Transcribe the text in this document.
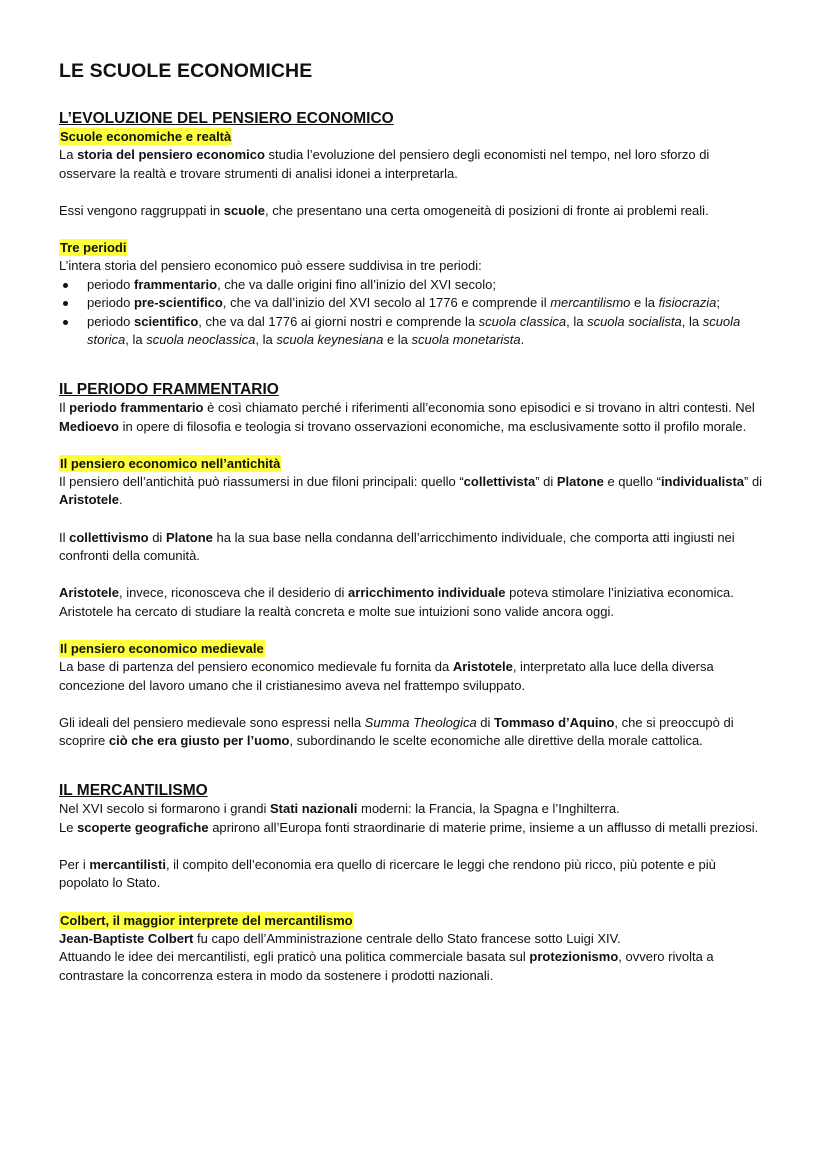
LE SCUOLE ECONOMICHE
L’EVOLUZIONE DEL PENSIERO ECONOMICO
Scuole economiche e realtà

La storia del pensiero economico studia l’evoluzione del pensiero degli economisti nel tempo, nel loro sforzo di osservare la realtà e trovare strumenti di analisi idonei a interpretarla.

Essi vengono raggruppati in scuole, che presentano una certa omogeneità di posizioni di fronte ai problemi reali.

Tre periodi

L’intera storia del pensiero economico può essere suddivisa in tre periodi:

periodo frammentario, che va dalle origini fino all’inizio del XVI secolo;
periodo pre-scientifico, che va dall’inizio del XVI secolo al 1776 e comprende il mercantilismo e la fisiocrazia;
periodo scientifico, che va dal 1776 ai giorni nostri e comprende la scuola classica, la scuola socialista, la scuola storica, la scuola neoclassica, la scuola keynesiana e la scuola monetarista.
IL PERIODO FRAMMENTARIO

Il periodo frammentario è così chiamato perché i riferimenti all’economia sono episodici e si trovano in altri contesti. Nel Medioevo in opere di filosofia e teologia si trovano osservazioni economiche, ma esclusivamente sotto il profilo morale.

Il pensiero economico nell’antichità

Il pensiero dell’antichità può riassumersi in due filoni principali: quello “collettivista” di Platone e quello “individualista” di Aristotele.

Il collettivismo di Platone ha la sua base nella condanna dell’arricchimento individuale, che comporta atti ingiusti nei confronti della comunità.

Aristotele, invece, riconosceva che il desiderio di arricchimento individuale poteva stimolare l’iniziativa economica. Aristotele ha cercato di studiare la realtà concreta e molte sue intuizioni sono valide ancora oggi.

Il pensiero economico medievale

La base di partenza del pensiero economico medievale fu fornita da Aristotele, interpretato alla luce della diversa concezione del lavoro umano che il cristianesimo aveva nel frattempo sviluppato.

Gli ideali del pensiero medievale sono espressi nella Summa Theologica di Tommaso d’Aquino, che si preoccupò di scoprire ciò che era giusto per l’uomo, subordinando le scelte economiche alle direttive della morale cattolica.

IL MERCANTILISMO

Nel XVI secolo si formarono i grandi Stati nazionali moderni: la Francia, la Spagna e l’Inghilterra.

Le scoperte geografiche aprirono all’Europa fonti straordinarie di materie prime, insieme a un afflusso di metalli preziosi.

Per i mercantilisti, il compito dell’economia era quello di ricercare le leggi che rendono più ricco, più potente e più popolato lo Stato.

Colbert, il maggior interprete del mercantilismo

Jean-Baptiste Colbert fu capo dell’Amministrazione centrale dello Stato francese sotto Luigi XIV.

Attuando le idee dei mercantilisti, egli praticò una politica commerciale basata sul protezionismo, ovvero rivolta a contrastare la concorrenza estera in modo da sostenere i prodotti nazionali.
